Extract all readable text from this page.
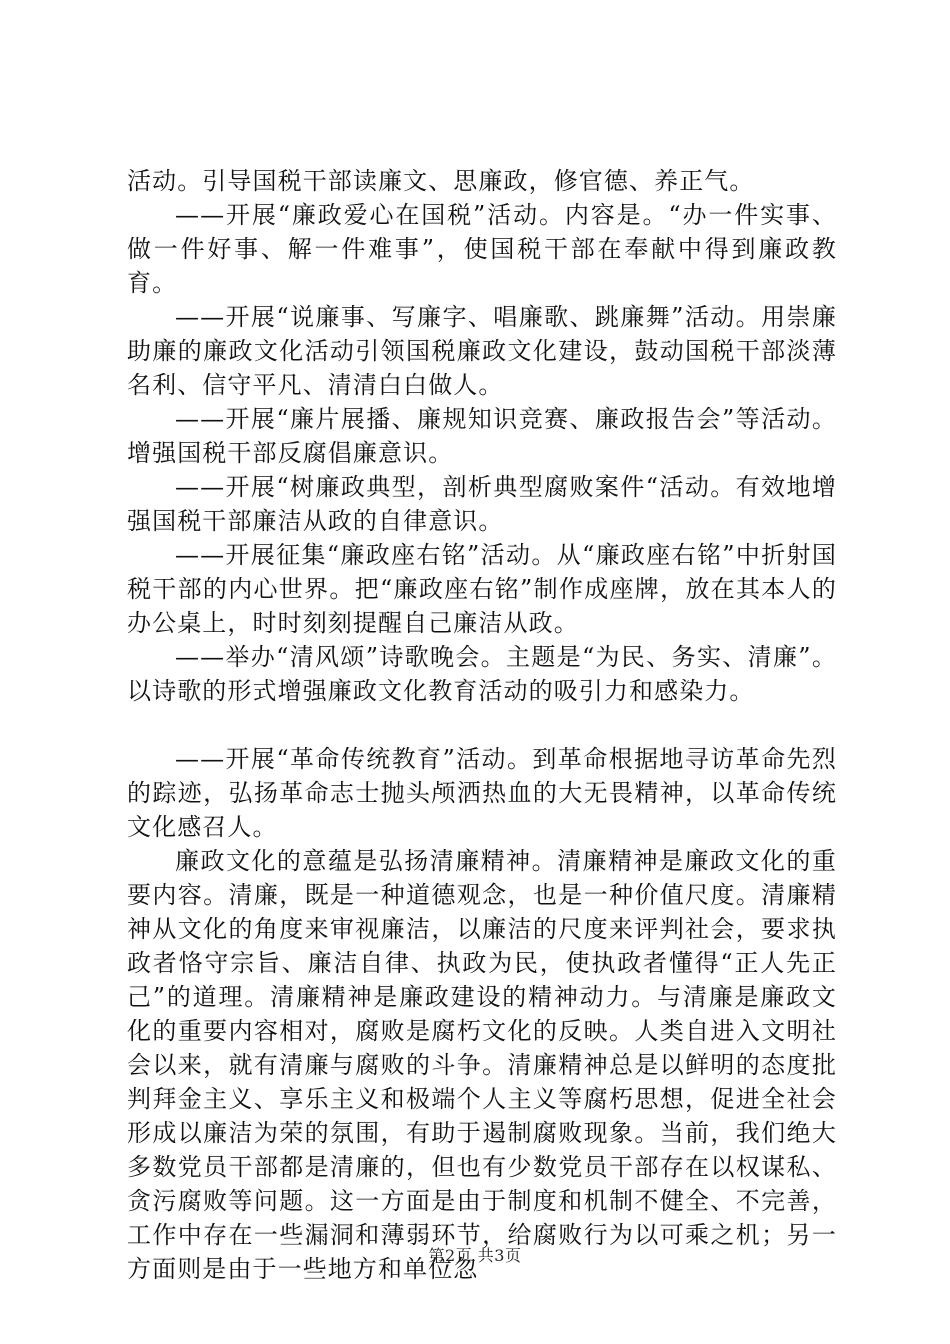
活动。引导国税干部读廉文、思廉政，修官德、养正气。

——开展“廉政爱心在国税”活动。内容是。“办一件实事、做一件好事、解一件难事”，使国税干部在奉献中得到廉政教育。

——开展“说廉事、写廉字、唱廉歌、跳廉舞”活动。用崇廉助廉的廉政文化活动引领国税廉政文化建设，鼓动国税干部淡薄名利、信守平凡、清清白白做人。

——开展“廉片展播、廉规知识竞赛、廉政报告会”等活动。增强国税干部反腐倡廉意识。

——开展“树廉政典型，剖析典型腐败案件“活动。有效地增强国税干部廉洁从政的自律意识。

——开展征集“廉政座右铭”活动。从“廉政座右铭”中折射国税干部的内心世界。把“廉政座右铭”制作成座牌，放在其本人的办公桌上，时时刻刻提醒自己廉洁从政。

——举办“清风颂”诗歌晚会。主题是“为民、务实、清廉”。以诗歌的形式增强廉政文化教育活动的吸引力和感染力。

——开展“革命传统教育”活动。到革命根据地寻访革命先烈的踪迹，弘扬革命志士抛头颅洒热血的大无畏精神，以革命传统文化感召人。

廉政文化的意蕴是弘扬清廉精神。清廉精神是廉政文化的重要内容。清廉，既是一种道德观念，也是一种价值尺度。清廉精神从文化的角度来审视廉洁，以廉洁的尺度来评判社会，要求执政者恪守宗旨、廉洁自律、执政为民，使执政者懂得“正人先正己”的道理。清廉精神是廉政建设的精神动力。与清廉是廉政文化的重要内容相对，腐败是腐朽文化的反映。人类自进入文明社会以来，就有清廉与腐败的斗争。清廉精神总是以鲜明的态度批判拜金主义、享乐主义和极端个人主义等腐朽思想，促进全社会形成以廉洁为荣的氛围，有助于遏制腐败现象。当前，我们绝大多数党员干部都是清廉的，但也有少数党员干部存在以权谋私、贪污腐败等问题。这一方面是由于制度和机制不健全、不完善，工作中存在一些漏洞和薄弱环节，给腐败行为以可乘之机；另一方面则是由于一些地方和单位忽

第2页 共3页
